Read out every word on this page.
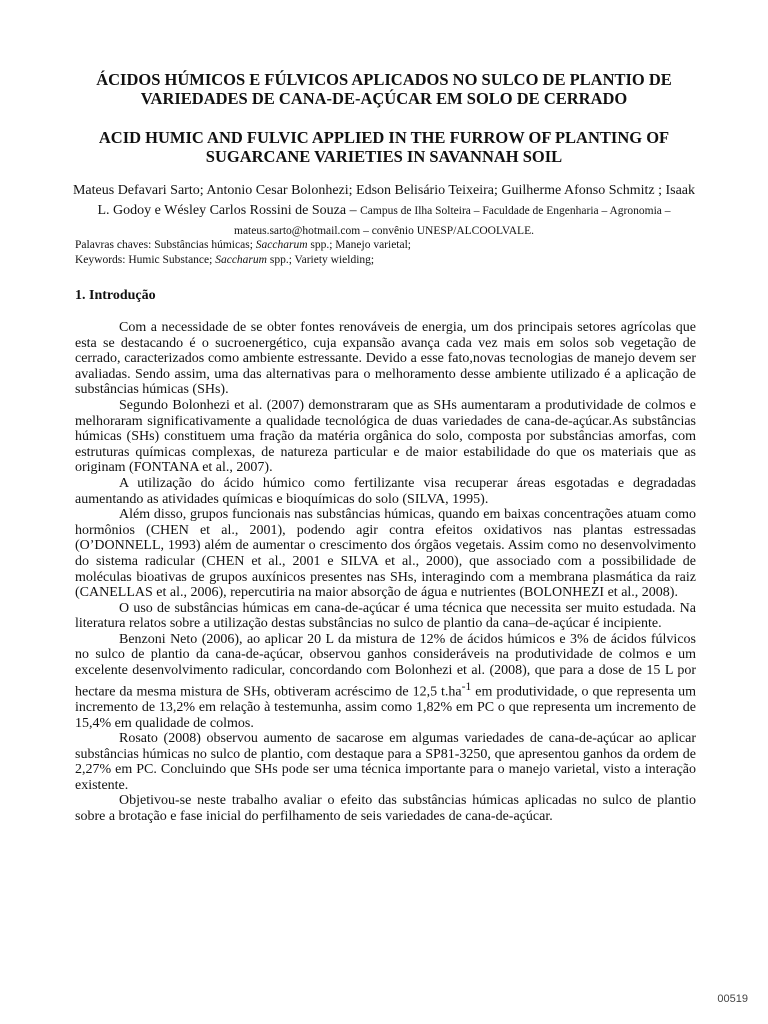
ÁCIDOS HÚMICOS E FÚLVICOS APLICADOS NO SULCO DE PLANTIO DE VARIEDADES DE CANA-DE-AÇÚCAR EM SOLO DE CERRADO
ACID HUMIC AND FULVIC APPLIED IN THE FURROW OF PLANTING OF SUGARCANE VARIETIES IN SAVANNAH SOIL

Mateus Defavari Sarto; Antonio Cesar Bolonhezi; Edson Belisário Teixeira; Guilherme Afonso Schmitz ; Isaak L. Godoy e Wésley Carlos Rossini de Souza – Campus de Ilha Solteira – Faculdade de Engenharia – Agronomia – mateus.sarto@hotmail.com – convênio UNESP/ALCOOLVALE.

Palavras chaves: Substâncias húmicas; Saccharum spp.; Manejo varietal;

Keywords: Humic Substance; Saccharum spp.; Variety wielding;

1. Introdução

Com a necessidade de se obter fontes renováveis de energia, um dos principais setores agrícolas que esta se destacando é o sucroenergético, cuja expansão avança cada vez mais em solos sob vegetação de cerrado, caracterizados como ambiente estressante. Devido a esse fato,novas tecnologias de manejo devem ser avaliadas. Sendo assim, uma das alternativas para o melhoramento desse ambiente utilizado é a aplicação de substâncias húmicas (SHs).

Segundo Bolonhezi et al. (2007) demonstraram que as SHs aumentaram a produtividade de colmos e melhoraram significativamente a qualidade tecnológica de duas variedades de cana-de-açúcar.As substâncias húmicas (SHs) constituem uma fração da matéria orgânica do solo, composta por substâncias amorfas, com estruturas químicas complexas, de natureza particular e de maior estabilidade do que os materiais que as originam (FONTANA et al., 2007).

A utilização do ácido húmico como fertilizante visa recuperar áreas esgotadas e degradadas aumentando as atividades químicas e bioquímicas do solo (SILVA, 1995).

Além disso, grupos funcionais nas substâncias húmicas, quando em baixas concentrações atuam como hormônios (CHEN et al., 2001), podendo agir contra efeitos oxidativos nas plantas estressadas (O’DONNELL, 1993) além de aumentar o crescimento dos órgãos vegetais. Assim como no desenvolvimento do sistema radicular (CHEN et al., 2001 e SILVA et al., 2000), que associado com a possibilidade de moléculas bioativas de grupos auxínicos presentes nas SHs, interagindo com a membrana plasmática da raiz (CANELLAS et al., 2006), repercutiria na maior absorção de água e nutrientes (BOLONHEZI et al., 2008).

O uso de substâncias húmicas em cana-de-açúcar é uma técnica que necessita ser muito estudada. Na literatura relatos sobre a utilização destas substâncias no sulco de plantio da cana–de-açúcar é incipiente.

Benzoni Neto (2006), ao aplicar 20 L da mistura de 12% de ácidos húmicos e 3% de ácidos fúlvicos no sulco de plantio da cana-de-açúcar, observou ganhos consideráveis na produtividade de colmos e um excelente desenvolvimento radicular, concordando com Bolonhezi et al. (2008), que para a dose de 15 L por hectare da mesma mistura de SHs, obtiveram acréscimo de 12,5 $t.ha^{-1}$ em produtividade, o que representa um incremento de 13,2% em relação à testemunha, assim como 1,82% em PC o que representa um incremento de 15,4% em qualidade de colmos.

Rosato (2008) observou aumento de sacarose em algumas variedades de cana-de-açúcar ao aplicar substâncias húmicas no sulco de plantio, com destaque para a SP81-3250, que apresentou ganhos da ordem de 2,27% em PC. Concluindo que SHs pode ser uma técnica importante para o manejo varietal, visto a interação existente.

Objetivou-se neste trabalho avaliar o efeito das substâncias húmicas aplicadas no sulco de plantio sobre a brotação e fase inicial do perfilhamento de seis variedades de cana-de-açúcar.

00519
